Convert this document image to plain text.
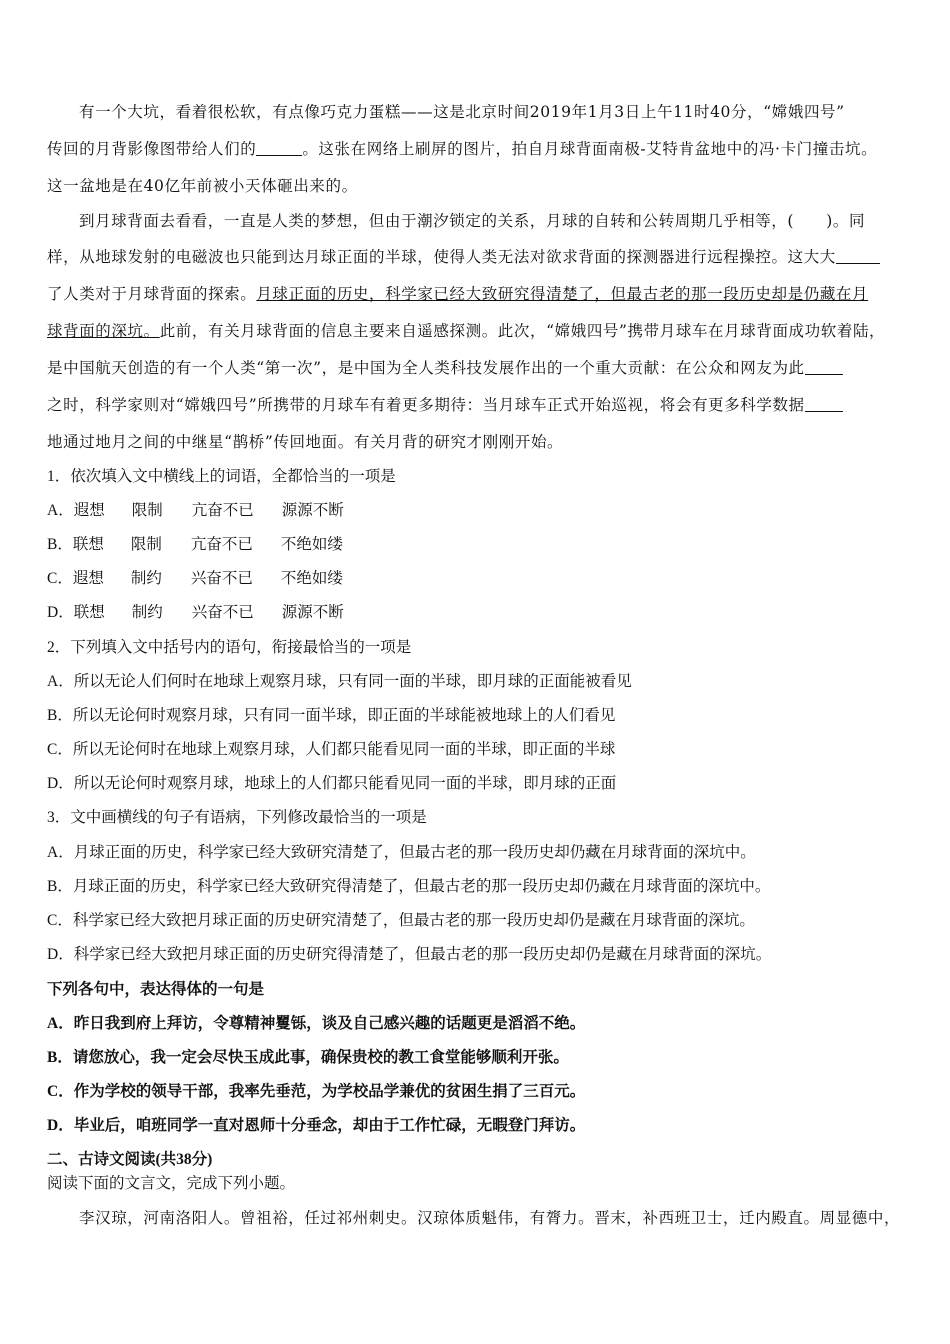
有一个大坑，看着很松软，有点像巧克力蛋糕——这是北京时间2019年1月3日上午11时40分，“嫦娥四号”
传回的月背影像图带给人们的	。这张在网络上刷屏的图片，拍自月球背面南极-艾特肯盆地中的冯·卡门撞击坑。
这一盆地是在40亿年前被小天体砸出来的。
到月球背面去看看，一直是人类的梦想，但由于潮汐锁定的关系，月球的自转和公转周期几乎相等，(　　)。同
样，从地球发射的电磁波也只能到达月球正面的半球，使得人类无法对欲求背面的探测器进行远程操控。这大大
了人类对于月球背面的探索。月球正面的历史，科学家已经大致研究得清楚了，但最古老的那一段历史却是仍藏在月
球背面的深坑。此前，有关月球背面的信息主要来自遥感探测。此次，“嫦娥四号”携带月球车在月球背面成功软着陆，
是中国航天创造的有一个人类“第一次”，是中国为全人类科技发展作出的一个重大贡献：在公众和网友为此
之时，科学家则对“嫦娥四号”所携带的月球车有着更多期待：当月球车正式开始巡视，将会有更多科学数据
地通过地月之间的中继星“鹊桥”传回地面。有关月背的研究才刚刚开始。
1．依次填入文中横线上的词语，全都恰当的一项是
A．遐想 限制 亢奋不已 源源不断
B．联想 限制 亢奋不已 不绝如缕
C．遐想 制约 兴奋不已 不绝如缕
D．联想 制约 兴奋不已 源源不断
2．下列填入文中括号内的语句，衔接最恰当的一项是
A．所以无论人们何时在地球上观察月球，只有同一面的半球，即月球的正面能被看见
B．所以无论何时观察月球，只有同一面半球，即正面的半球能被地球上的人们看见
C．所以无论何时在地球上观察月球，人们都只能看见同一面的半球，即正面的半球
D．所以无论何时观察月球，地球上的人们都只能看见同一面的半球，即月球的正面
3．文中画横线的句子有语病，下列修改最恰当的一项是
A．月球正面的历史，科学家已经大致研究清楚了，但最古老的那一段历史却仍藏在月球背面的深坑中。
B．月球正面的历史，科学家已经大致研究得清楚了，但最古老的那一段历史却仍藏在月球背面的深坑中。
C．科学家已经大致把月球正面的历史研究清楚了，但最古老的那一段历史却仍是藏在月球背面的深坑。
D．科学家已经大致把月球正面的历史研究得清楚了，但最古老的那一段历史却仍是藏在月球背面的深坑。
下列各句中，表达得体的一句是
A．昨日我到府上拜访，令尊精神矍铄，谈及自己感兴趣的话题更是滔滔不绝。
B．请您放心，我一定会尽快玉成此事，确保贵校的教工食堂能够顺利开张。
C．作为学校的领导干部，我率先垂范，为学校品学兼优的贫困生捐了三百元。
D．毕业后，咱班同学一直对恩师十分垂念，却由于工作忙碌，无暇登门拜访。
二、古诗文阅读(共38分)
阅读下面的文言文，完成下列小题。
李汉琼，河南洛阳人。曾祖裕，任过祁州刺史。汉琼体质魁伟，有膂力。晋末，补西班卫士，迁内殿直。周显德中，
